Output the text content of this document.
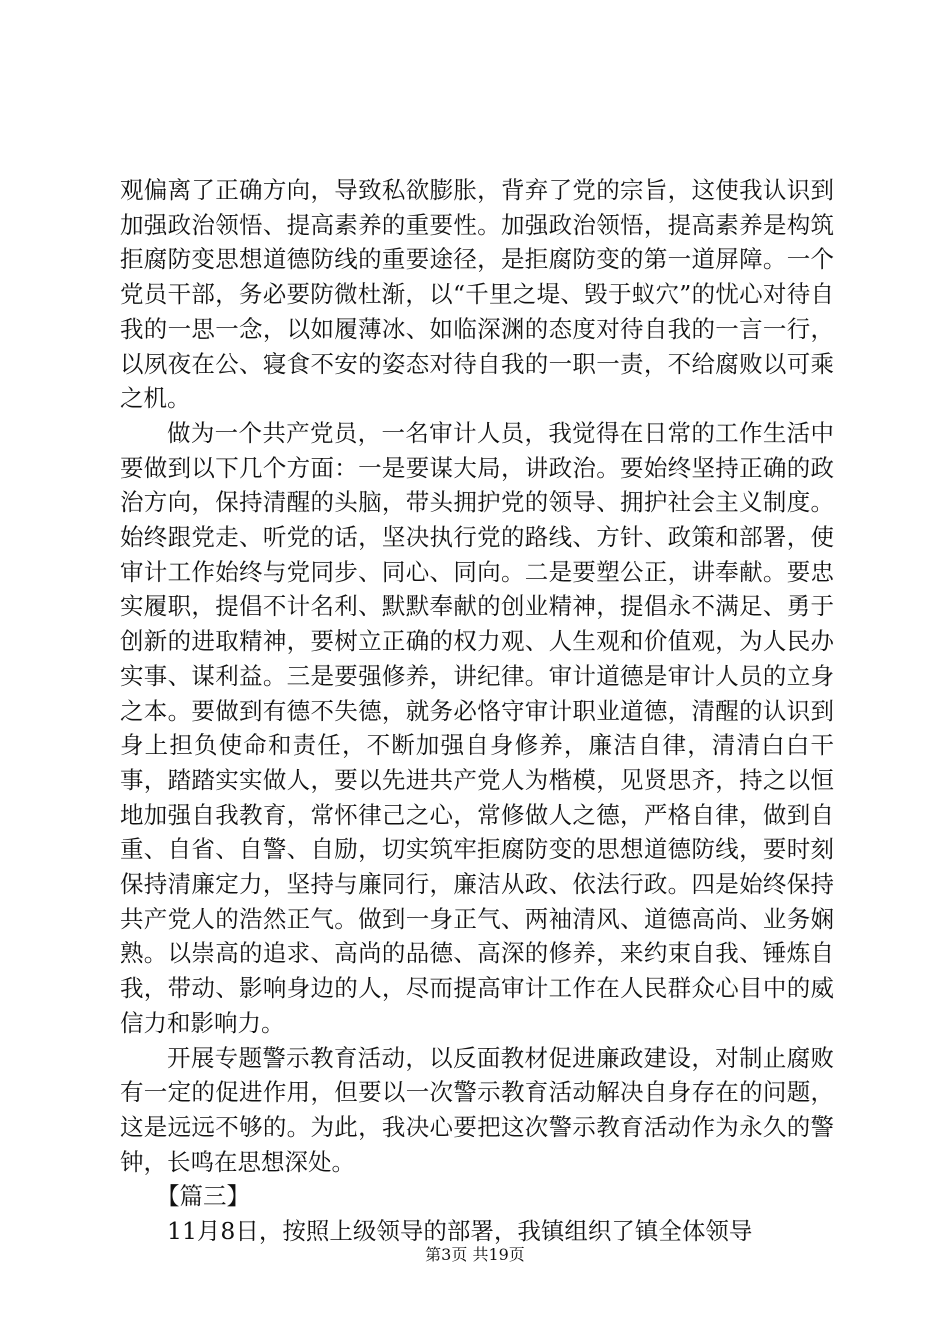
观偏离了正确方向，导致私欲膨胀，背弃了党的宗旨，这使我认识到加强政治领悟、提高素养的重要性。加强政治领悟，提高素养是构筑拒腐防变思想道德防线的重要途径，是拒腐防变的第一道屏障。一个党员干部，务必要防微杜渐，以“千里之堤、毁于蚁穴”的忧心对待自我的一思一念，以如履薄冰、如临深渊的态度对待自我的一言一行，以夙夜在公、寝食不安的姿态对待自我的一职一责，不给腐败以可乘之机。

做为一个共产党员，一名审计人员，我觉得在日常的工作生活中要做到以下几个方面：一是要谋大局，讲政治。要始终坚持正确的政治方向，保持清醒的头脑，带头拥护党的领导、拥护社会主义制度。始终跟党走、听党的话，坚决执行党的路线、方针、政策和部署，使审计工作始终与党同步、同心、同向。二是要塑公正，讲奉献。要忠实履职，提倡不计名利、默默奉献的创业精神，提倡永不满足、勇于创新的进取精神，要树立正确的权力观、人生观和价值观，为人民办实事、谋利益。三是要强修养，讲纪律。审计道德是审计人员的立身之本。要做到有德不失德，就务必恪守审计职业道德，清醒的认识到身上担负使命和责任，不断加强自身修养，廉洁自律，清清白白干事，踏踏实实做人，要以先进共产党人为楷模，见贤思齐，持之以恒地加强自我教育，常怀律己之心，常修做人之德，严格自律，做到自重、自省、自警、自励，切实筑牢拒腐防变的思想道德防线，要时刻保持清廉定力，坚持与廉同行，廉洁从政、依法行政。四是始终保持共产党人的浩然正气。做到一身正气、两袖清风、道德高尚、业务娴熟。以崇高的追求、高尚的品德、高深的修养，来约束自我、锤炼自我，带动、影响身边的人，尽而提高审计工作在人民群众心目中的威信力和影响力。

开展专题警示教育活动，以反面教材促进廉政建设，对制止腐败有一定的促进作用，但要以一次警示教育活动解决自身存在的问题，这是远远不够的。为此，我决心要把这次警示教育活动作为永久的警钟，长鸣在思想深处。

【篇三】

11月8日，按照上级领导的部署，我镇组织了镇全体领导

第3页 共19页
